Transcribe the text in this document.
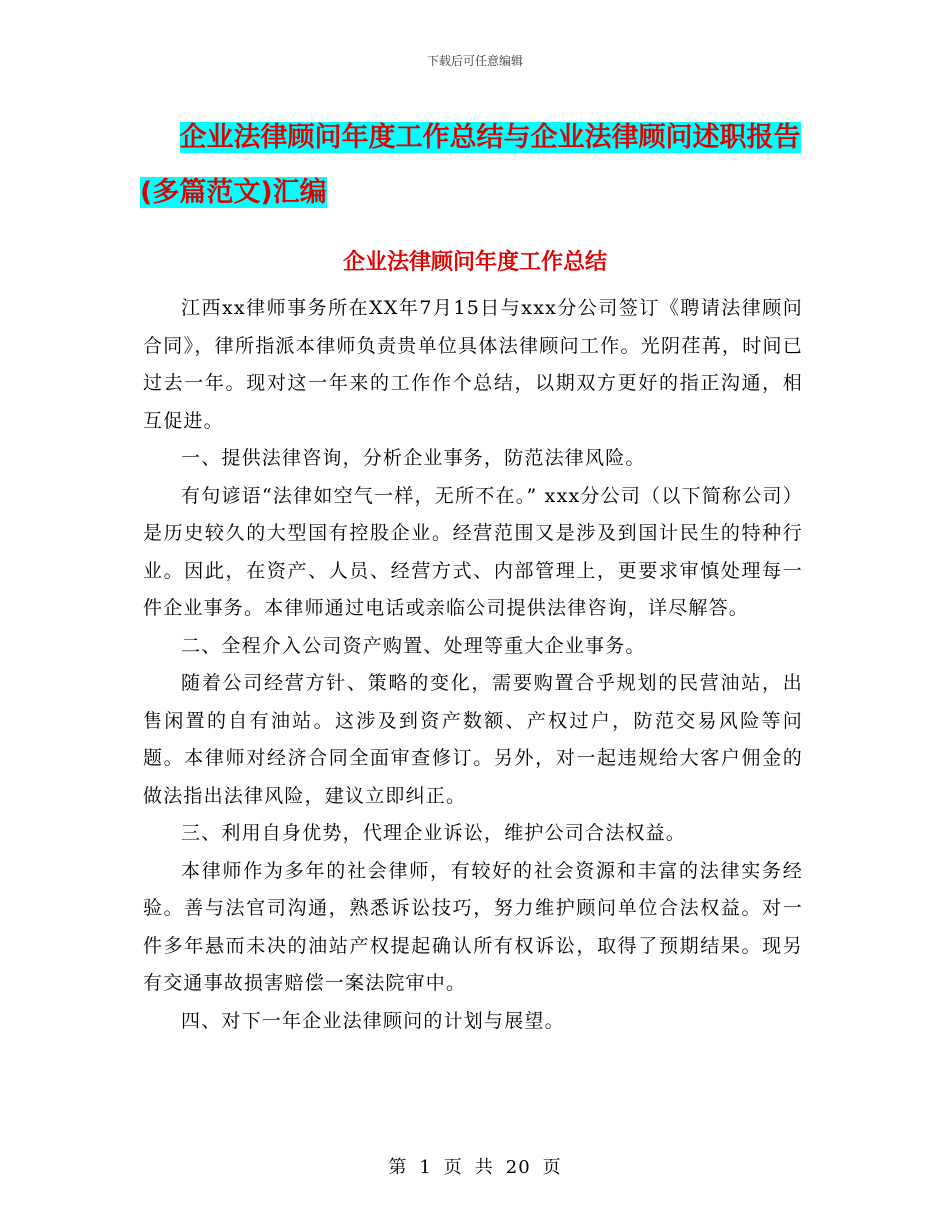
下载后可任意编辑
企业法律顾问年度工作总结与企业法律顾问述职报告

(多篇范文)汇编
企业法律顾问年度工作总结

江西xx律师事务所在XX年7月15日与xxx分公司签订《聘请法律顾问合同》，律所指派本律师负责贵单位具体法律顾问工作。光阴荏苒，时间已过去一年。现对这一年来的工作作个总结，以期双方更好的指正沟通，相互促进。

一、提供法律咨询，分析企业事务，防范法律风险。

有句谚语“法律如空气一样，无所不在。” xxx分公司（以下简称公司）是历史较久的大型国有控股企业。经营范围又是涉及到国计民生的特种行业。因此，在资产、人员、经营方式、内部管理上，更要求审慎处理每一件企业事务。本律师通过电话或亲临公司提供法律咨询，详尽解答。

二、全程介入公司资产购置、处理等重大企业事务。

随着公司经营方针、策略的变化，需要购置合乎规划的民营油站，出售闲置的自有油站。这涉及到资产数额、产权过户，防范交易风险等问题。本律师对经济合同全面审查修订。另外，对一起违规给大客户佣金的做法指出法律风险，建议立即纠正。

三、利用自身优势，代理企业诉讼，维护公司合法权益。

本律师作为多年的社会律师，有较好的社会资源和丰富的法律实务经验。善与法官司沟通，熟悉诉讼技巧，努力维护顾问单位合法权益。对一件多年悬而未决的油站产权提起确认所有权诉讼，取得了预期结果。现另有交通事故损害赔偿一案法院审中。

四、对下一年企业法律顾问的计划与展望。

第 1 页 共 20 页
